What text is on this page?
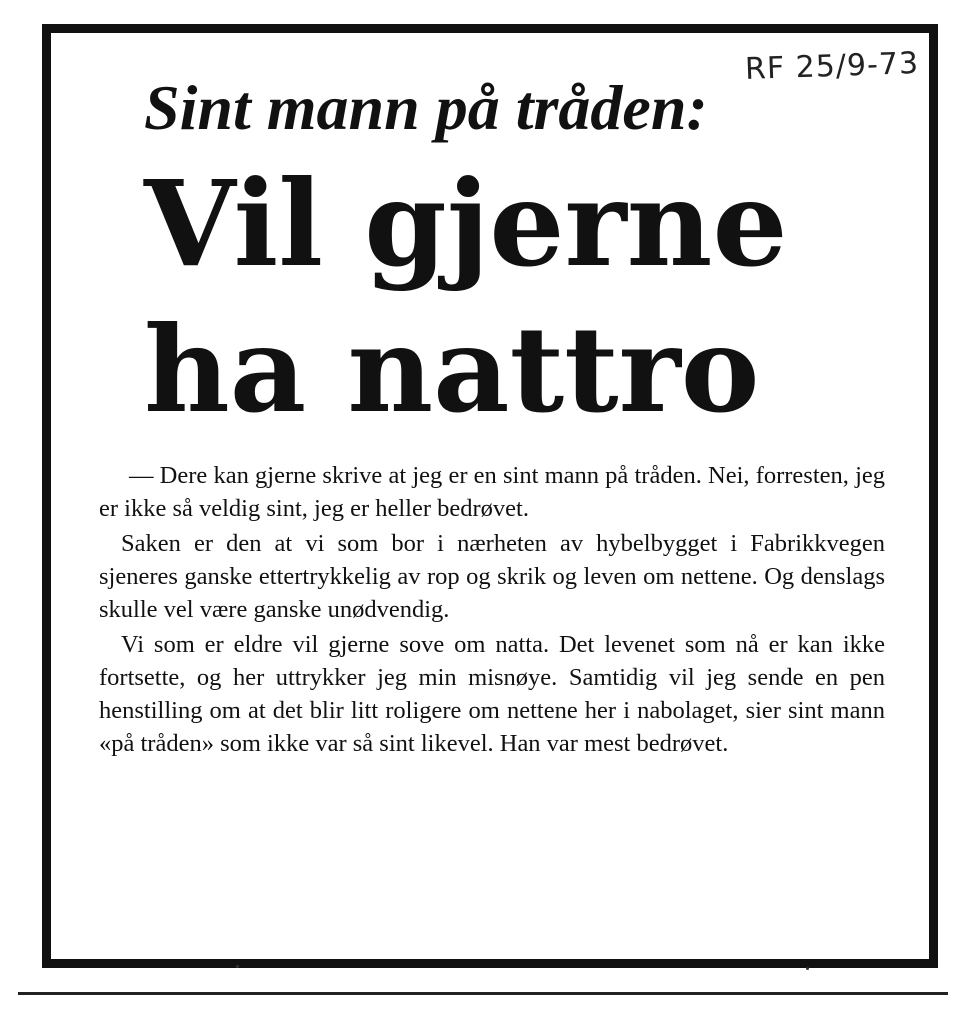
RF 25/9-73
Sint mann på tråden:
Vil gjerne
ha nattro

— Dere kan gjerne skrive at jeg er en sint mann på tråden. Nei, forresten, jeg er ikke så veldig sint, jeg er heller bedrøvet.

Saken er den at vi som bor i nærheten av hybelbygget i Fabrikkvegen sjeneres ganske ettertrykkelig av rop og skrik og leven om nettene. Og denslags skulle vel være ganske unødvendig.

Vi som er eldre vil gjerne sove om natta. Det levenet som nå er kan ikke fortsette, og her uttrykker jeg min misnøye. Samtidig vil jeg sende en pen henstilling om at det blir litt roligere om nettene her i nabolaget, sier sint mann «på tråden» som ikke var så sint likevel. Han var mest bedrøvet.
